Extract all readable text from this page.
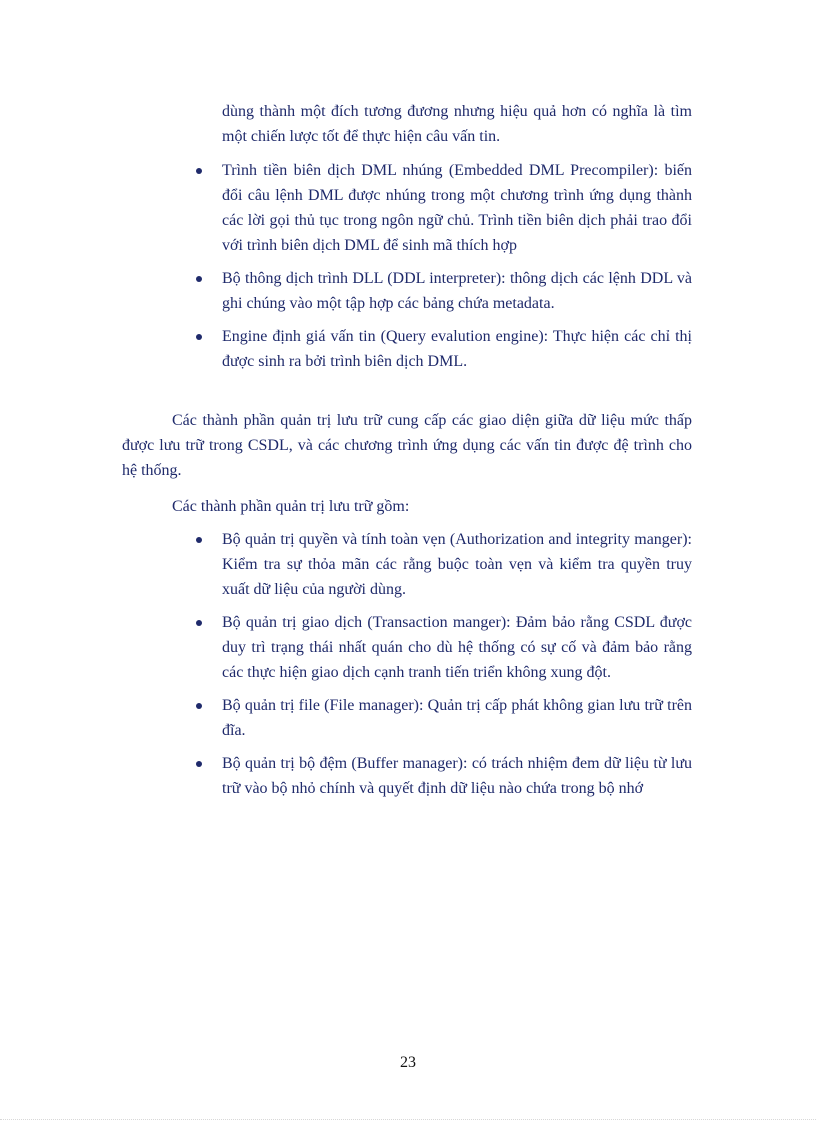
dùng thành một đích tương đương nhưng hiệu quả hơn có nghĩa là tìm một chiến lược tốt để thực hiện câu vấn tin.
Trình tiền biên dịch DML nhúng (Embedded DML Precompiler): biến đổi câu lệnh DML được nhúng trong một chương trình ứng dụng thành các lời gọi thủ tục trong ngôn ngữ chủ. Trình tiền biên dịch phải trao đổi với trình biên dịch DML để sinh mã thích hợp
Bộ thông dịch trình DLL (DDL interpreter): thông dịch các lệnh DDL và ghi chúng vào một tập hợp các bảng chứa metadata.
Engine định giá vấn tin (Query evalution engine): Thực hiện các chỉ thị được sinh ra bởi trình biên dịch DML.

Các thành phần quản trị lưu trữ cung cấp các giao diện giữa dữ liệu mức thấp được lưu trữ trong CSDL, và các chương trình ứng dụng các vấn tin được đệ trình cho hệ thống.

Các thành phần quản trị lưu trữ gồm:

Bộ quản trị quyền và tính toàn vẹn (Authorization and integrity manger): Kiểm tra sự thỏa mãn các rằng buộc toàn vẹn và kiểm tra quyền truy xuất dữ liệu của người dùng.
Bộ quản trị giao dịch (Transaction manger): Đảm bảo rằng CSDL được duy trì trạng thái nhất quán cho dù hệ thống có sự cố và đảm bảo rằng các thực hiện giao dịch cạnh tranh tiến triển không xung đột.
Bộ quản trị file (File manager): Quản trị cấp phát không gian lưu trữ trên đĩa.
Bộ quản trị bộ đệm (Buffer manager): có trách nhiệm đem dữ liệu từ lưu trữ vào bộ nhỏ chính và quyết định dữ liệu nào chứa trong bộ nhớ
23
